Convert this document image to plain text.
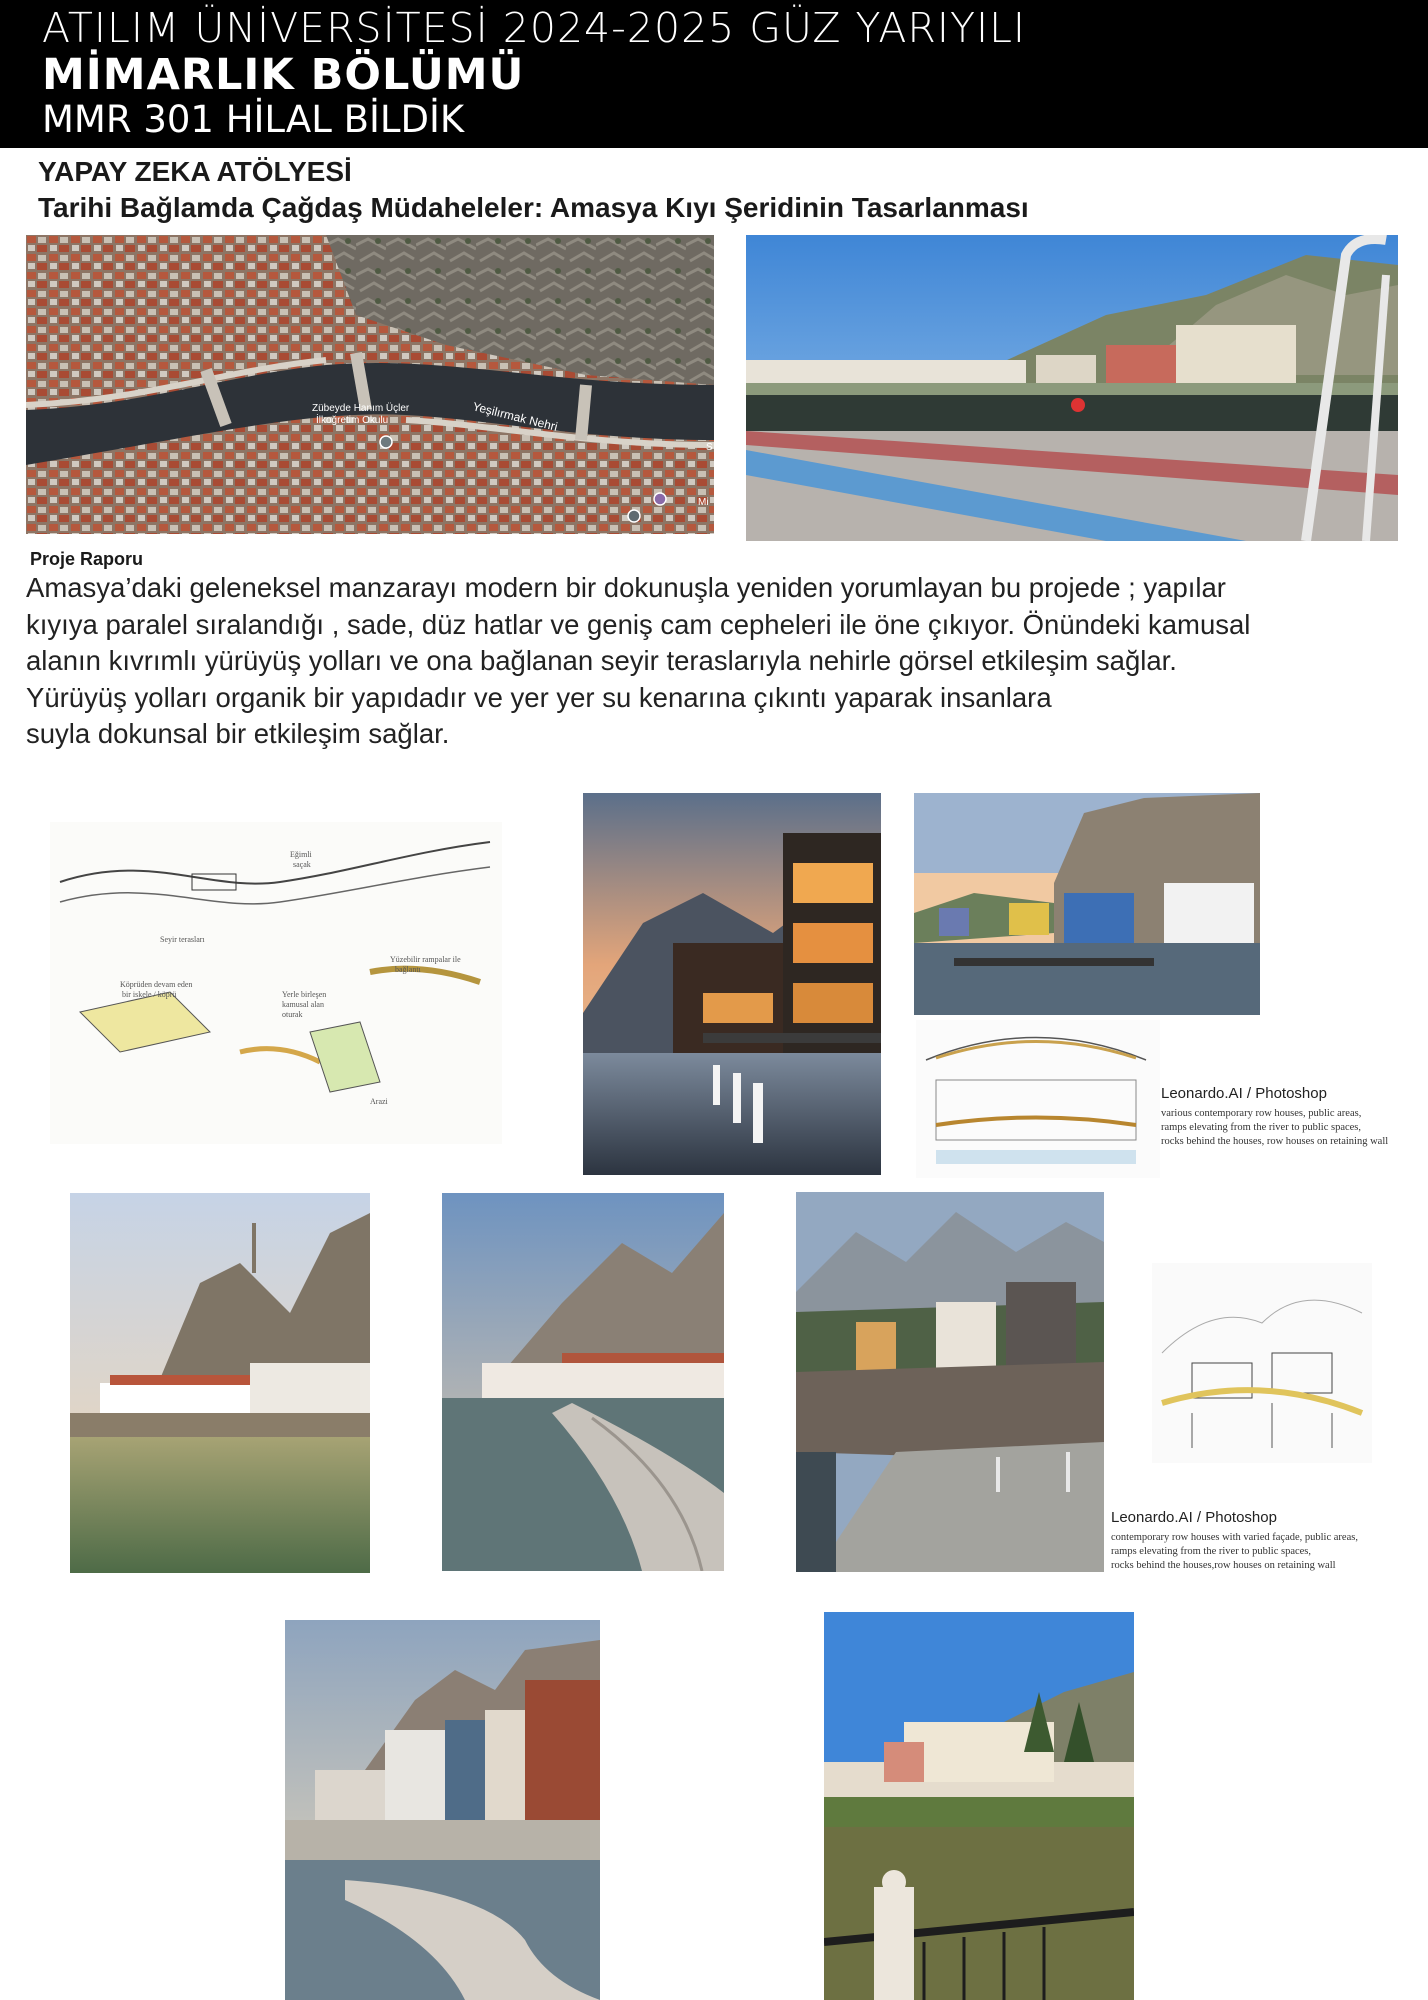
ATILIM ÜNİVERSİTESİ 2024-2025 GÜZ YARIYILI
MİMARLIK BÖLÜMÜ
MMR 301 HİLAL BİLDİK
YAPAY ZEKA ATÖLYESİ
Tarihi Bağlamda Çağdaş Müdaheleler: Amasya Kıyı Şeridinin Tasarlanması
Zübeyde Hanım Üçler
İlkoğretim Okulu	Yeşilırmak Nehri
S
Mi
Proje Raporu

Amasya’daki geleneksel manzarayı modern bir dokunuşla yeniden yorumlayan bu projede ; yapılar

kıyıya paralel sıralandığı , sade, düz hatlar ve geniş cam cepheleri ile öne çıkıyor. Önündeki kamusal

alanın kıvrımlı yürüyüş yolları ve ona bağlanan seyir teraslarıyla nehirle görsel etkileşim sağlar.

Yürüyüş yolları organik bir yapıdadır ve yer yer su kenarına çıkıntı yaparak insanlara

suyla dokunsal bir etkileşim sağlar.

Eğimli
saçak
Seyir terasları
Köprüden devam eden
bir iskele / köprü	Yerle birleşen
kamusal alan
oturak
Yüzebilir rampalar ile
bağlantı
Arazi	Leonardo.AI / Photoshop
various contemporary row houses, public areas,
ramps elevating from the river to public spaces,
rocks behind the houses, row houses on retaining wall
Leonardo.AI / Photoshop
contemporary row houses with varied façade, public areas,
ramps elevating from the river to public spaces,
rocks behind the houses,row houses on retaining wall
